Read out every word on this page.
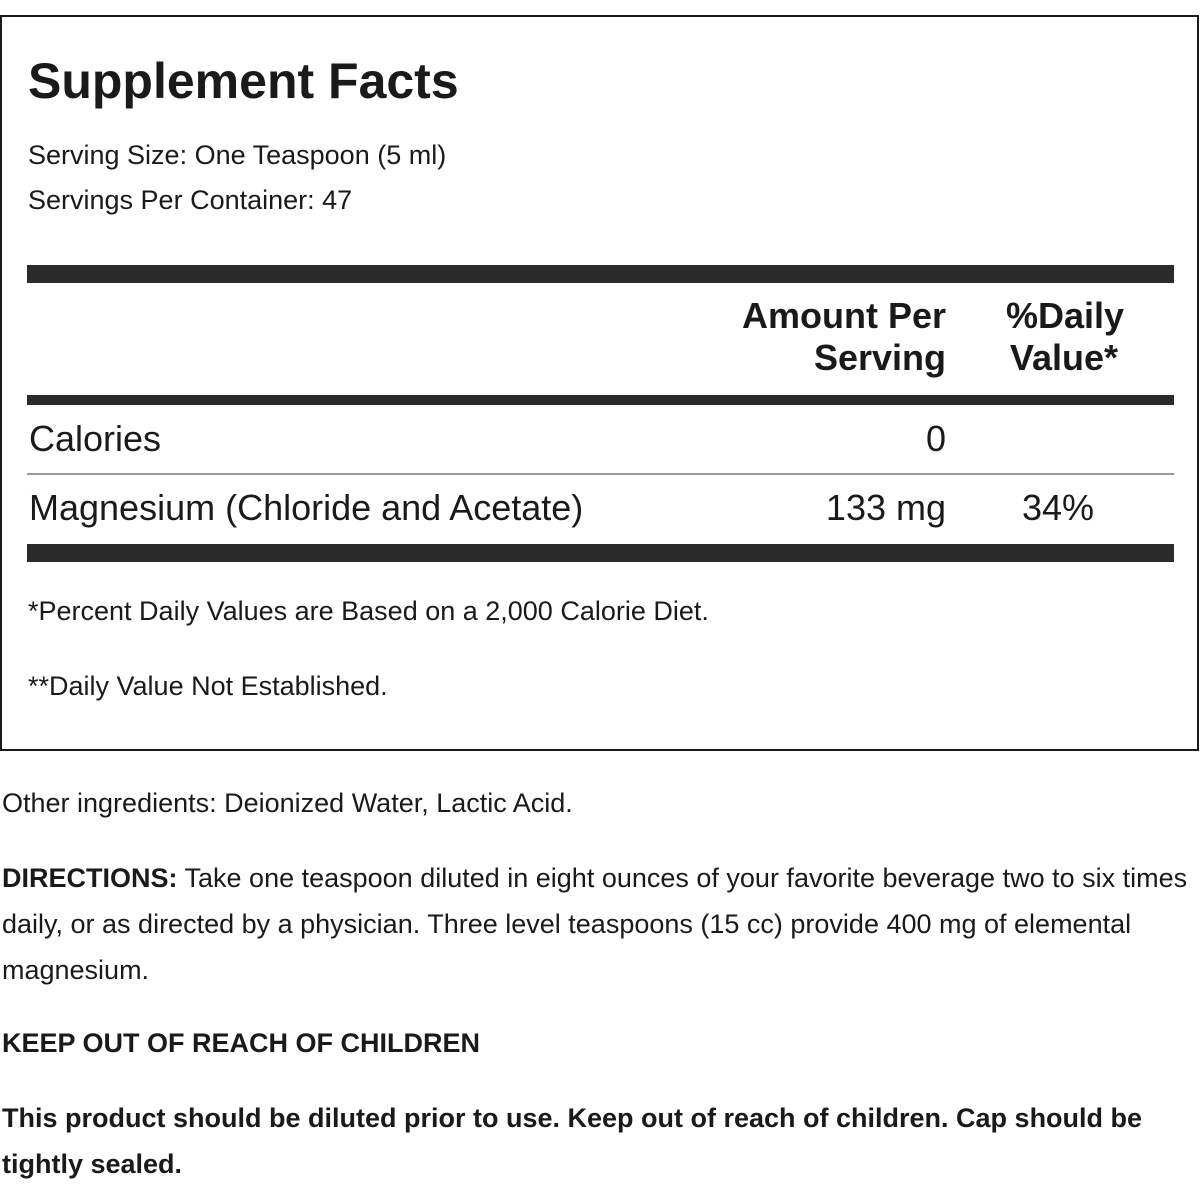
Supplement Facts
Serving Size: One Teaspoon (5 ml)
Servings Per Container: 47
Amount Per
Serving
%Daily
Value*
Calories	0
Magnesium (Chloride and Acetate)	133 mg 34%
*Percent Daily Values are Based on a 2,000 Calorie Diet.
**Daily Value Not Established.

Other ingredients: Deionized Water, Lactic Acid.

DIRECTIONS: Take one teaspoon diluted in eight ounces of your favorite beverage two to six times daily, or as directed by a physician. Three level teaspoons (15 cc) provide 400 mg of elemental magnesium.

KEEP OUT OF REACH OF CHILDREN

This product should be diluted prior to use. Keep out of reach of children. Cap should be tightly sealed.
